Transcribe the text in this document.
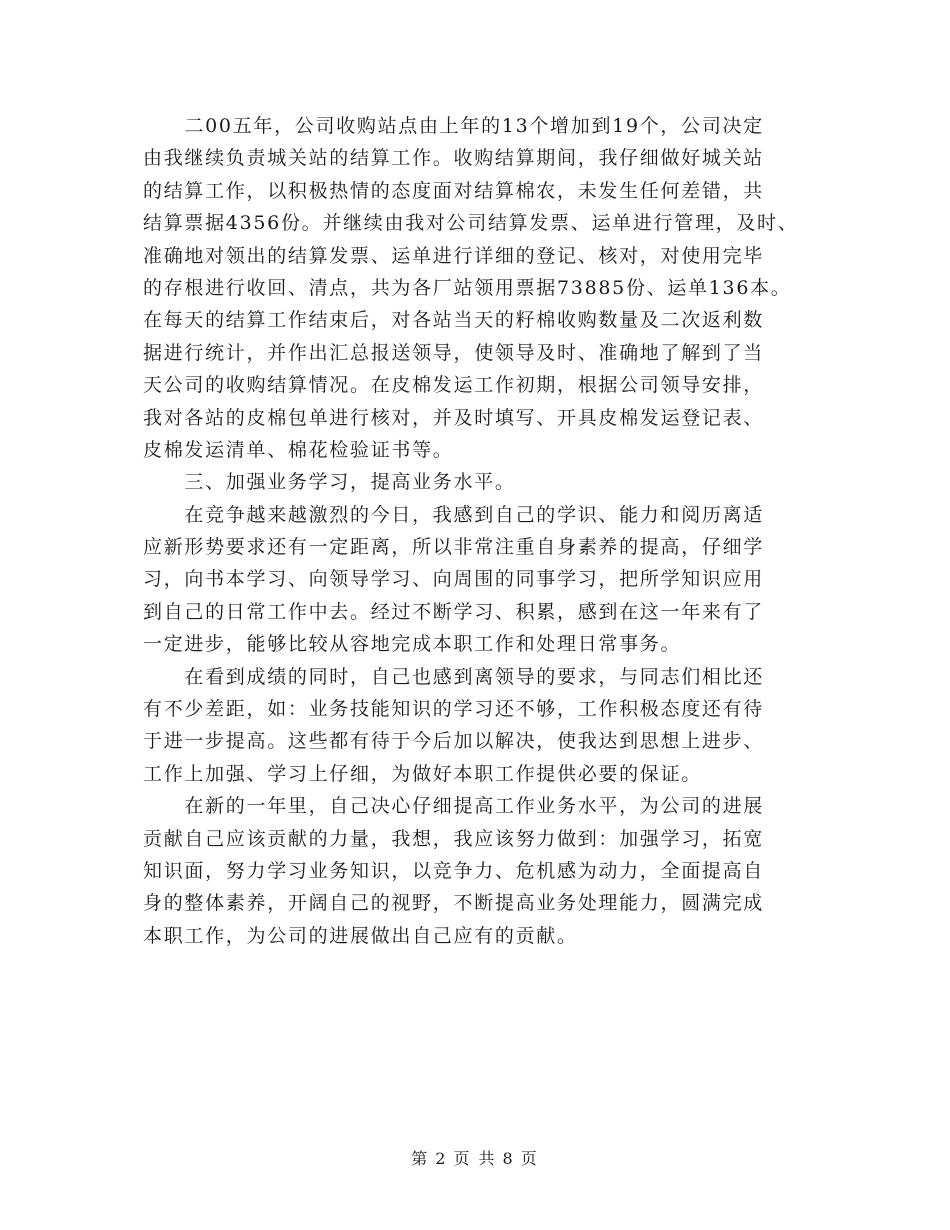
　　二00五年，公司收购站点由上年的13个增加到19个，公司决定
由我继续负责城关站的结算工作。收购结算期间，我仔细做好城关站
的结算工作，以积极热情的态度面对结算棉农，未发生任何差错，共
结算票据4356份。并继续由我对公司结算发票、运单进行管理，及时、
准确地对领出的结算发票、运单进行详细的登记、核对，对使用完毕
的存根进行收回、清点，共为各厂站领用票据73885份、运单136本。
在每天的结算工作结束后，对各站当天的籽棉收购数量及二次返利数
据进行统计，并作出汇总报送领导，使领导及时、准确地了解到了当
天公司的收购结算情况。在皮棉发运工作初期，根据公司领导安排，
我对各站的皮棉包单进行核对，并及时填写、开具皮棉发运登记表、
皮棉发运清单、棉花检验证书等。
　　三、加强业务学习，提高业务水平。
　　在竞争越来越激烈的今日，我感到自己的学识、能力和阅历离适
应新形势要求还有一定距离，所以非常注重自身素养的提高，仔细学
习，向书本学习、向领导学习、向周围的同事学习，把所学知识应用
到自己的日常工作中去。经过不断学习、积累，感到在这一年来有了
一定进步，能够比较从容地完成本职工作和处理日常事务。
　　在看到成绩的同时，自己也感到离领导的要求，与同志们相比还
有不少差距，如：业务技能知识的学习还不够，工作积极态度还有待
于进一步提高。这些都有待于今后加以解决，使我达到思想上进步、
工作上加强、学习上仔细，为做好本职工作提供必要的保证。
　　在新的一年里，自己决心仔细提高工作业务水平，为公司的进展
贡献自己应该贡献的力量，我想，我应该努力做到：加强学习，拓宽
知识面，努力学习业务知识，以竞争力、危机感为动力，全面提高自
身的整体素养，开阔自己的视野，不断提高业务处理能力，圆满完成
本职工作，为公司的进展做出自己应有的贡献。
第 2 页 共 8 页
